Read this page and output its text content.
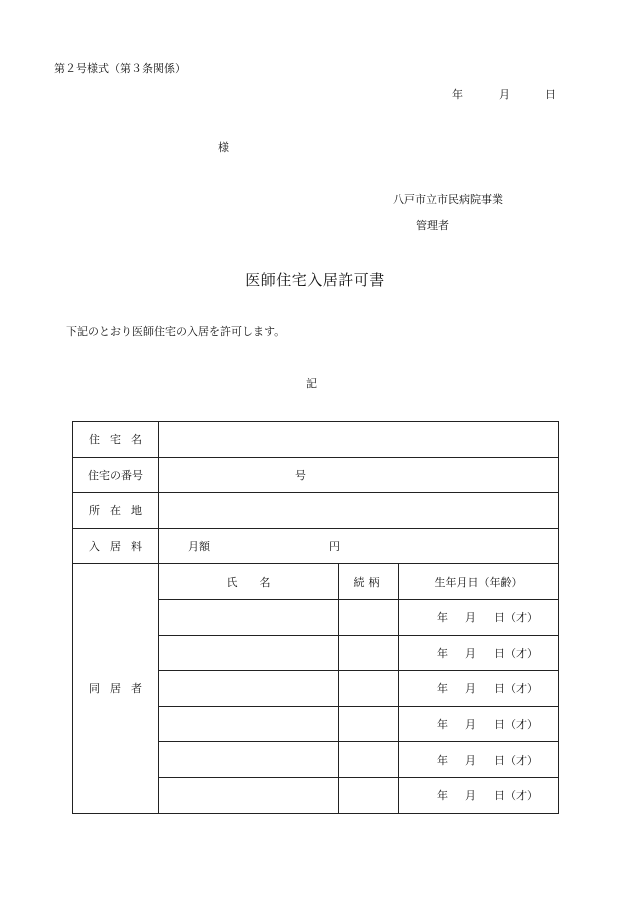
第２号様式（第３条関係）
年	月	日
様
八戸市立市民病院事業
管理者
医師住宅入居許可書
下記のとおり医師住宅の入居を許可します。
記
住宅名			
住宅の番号	号		
所在地			
入居料	月額 円		
同居者	氏名	続柄	生年月日（年齢）
			年 月 日（才）
			年 月 日（才）
			年 月 日（才）
			年 月 日（才）
			年 月 日（才）
			年 月 日（才）
